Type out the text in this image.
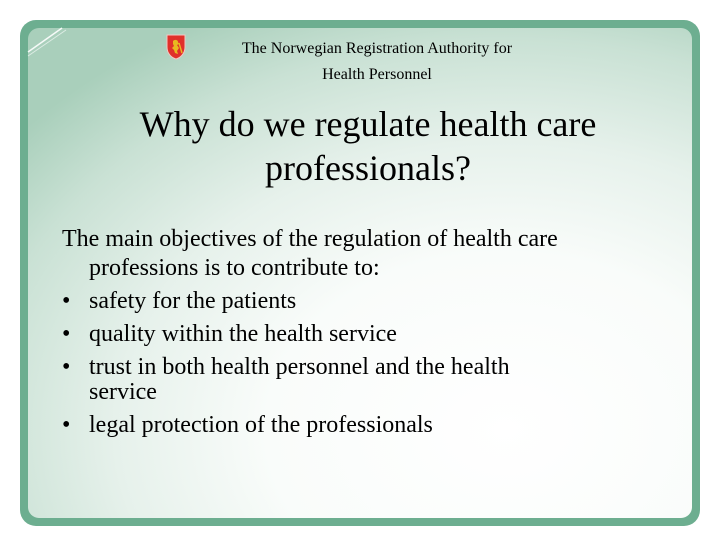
The Norwegian Registration Authority for
Health Personnel
Why do we regulate health care
professionals?
The main objectives of the regulation of health care
professions is to contribute to:
• safety for the patients
• quality within the health service
• trust in both health personnel and the health
service
• legal protection of the professionals
